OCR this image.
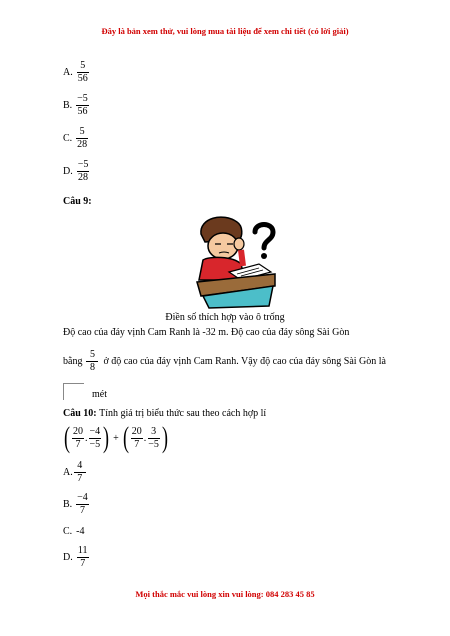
Đây là bản xem thử, vui lòng mua tài liệu để xem chi tiết (có lời giải)
A. $\frac{5}{56}$
B. $\frac{-5}{56}$
C. $\frac{5}{28}$
D. $\frac{-5}{28}$
Câu 9:
Điền số thích hợp vào ô trống
Độ cao của đáy vịnh Cam Ranh là -32 m. Độ cao của đáy sông Sài Gòn
bằng $\frac{5}{8}$ ở độ cao của đáy vịnh Cam Ranh. Vậy độ cao của đáy sông Sài Gòn là
mét
Câu 10: Tính giá trị biểu thức sau theo cách hợp lí
( $\frac{20}{7}$ . $\frac{-4}{-5}$ ) + ( $\frac{20}{7}$ . $\frac{3}{-5}$ )
A. $\frac{4}{7}$
B. $\frac{-4}{7}$
C. -4
D. $\frac{11}{7}$
Mọi thắc mắc vui lòng xin vui lòng: 084 283 45 85
